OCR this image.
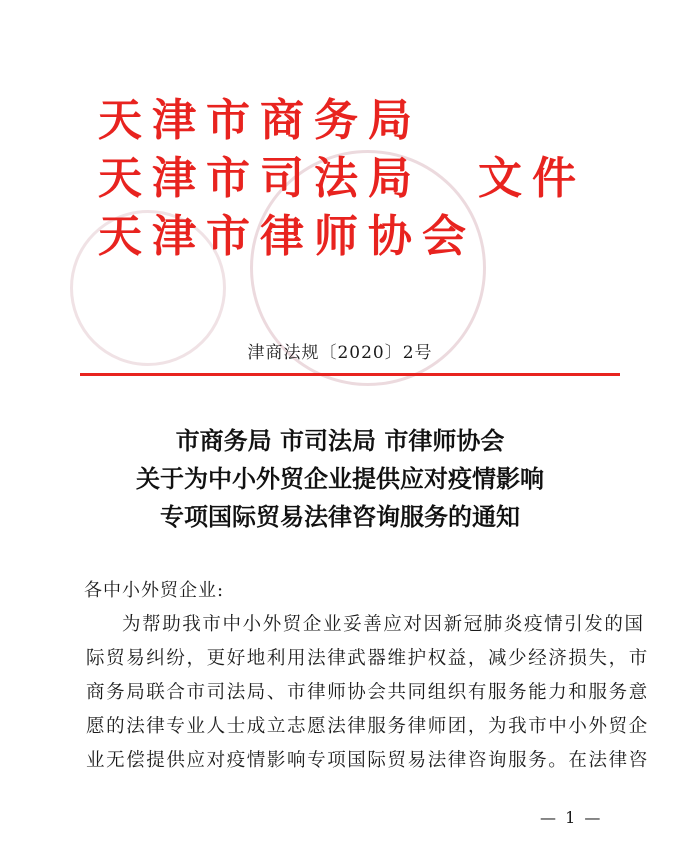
天津市商务局
天津市司法局
天津市律师协会
文件
津商法规〔2020〕2号
市商务局 市司法局 市律师协会
关于为中小外贸企业提供应对疫情影响
专项国际贸易法律咨询服务的通知
各中小外贸企业:
为帮助我市中小外贸企业妥善应对因新冠肺炎疫情引发的国
际贸易纠纷，更好地利用法律武器维护权益，减少经济损失，市
商务局联合市司法局、市律师协会共同组织有服务能力和服务意
愿的法律专业人士成立志愿法律服务律师团，为我市中小外贸企
业无偿提供应对疫情影响专项国际贸易法律咨询服务。在法律咨
— 1 —
